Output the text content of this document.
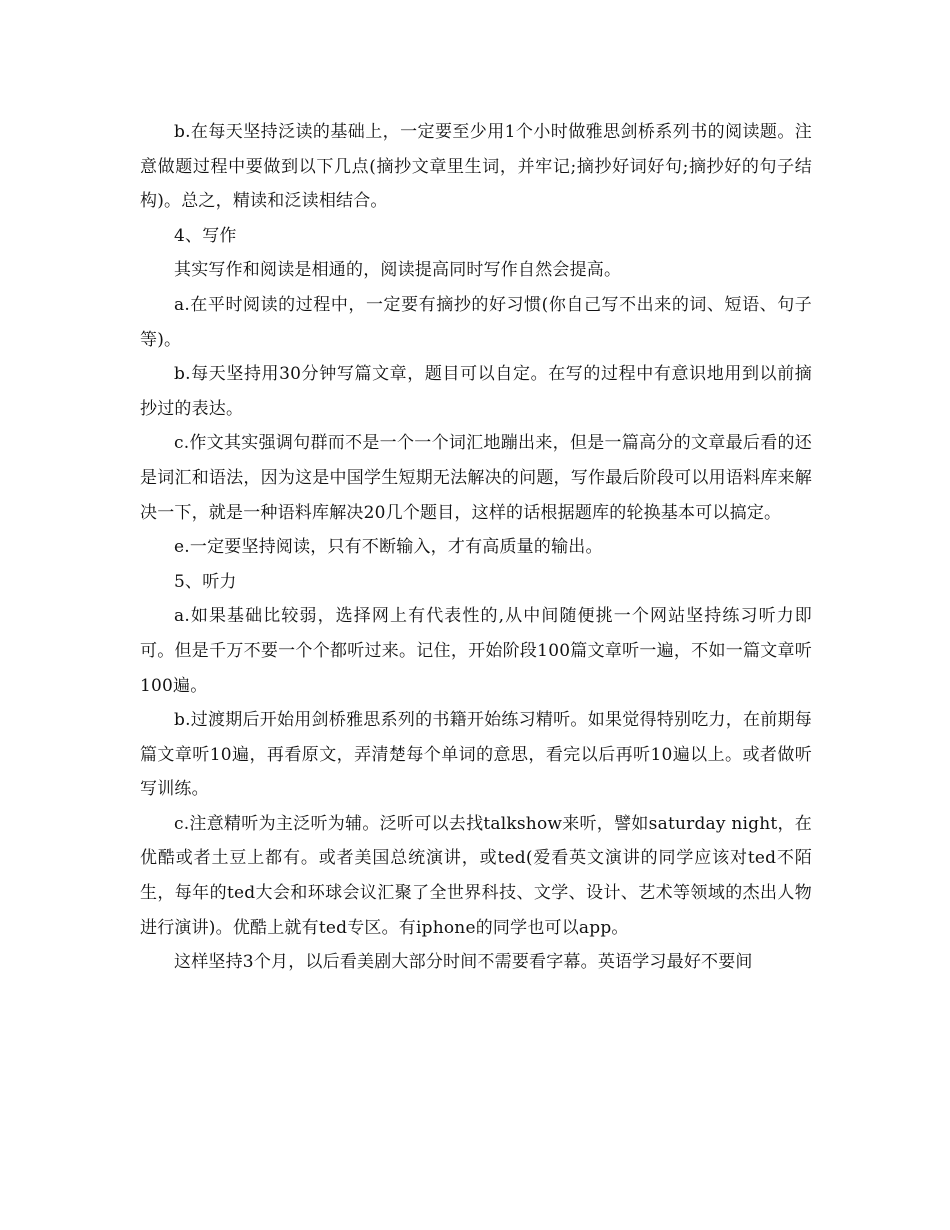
b.在每天坚持泛读的基础上，一定要至少用1个小时做雅思剑桥系列书的阅读题。注意做题过程中要做到以下几点(摘抄文章里生词，并牢记;摘抄好词好句;摘抄好的句子结构)。总之，精读和泛读相结合。

4、写作

其实写作和阅读是相通的，阅读提高同时写作自然会提高。

a.在平时阅读的过程中，一定要有摘抄的好习惯(你自己写不出来的词、短语、句子等)。

b.每天坚持用30分钟写篇文章，题目可以自定。在写的过程中有意识地用到以前摘抄过的表达。

c.作文其实强调句群而不是一个一个词汇地蹦出来，但是一篇高分的文章最后看的还是词汇和语法，因为这是中国学生短期无法解决的问题，写作最后阶段可以用语料库来解决一下，就是一种语料库解决20几个题目，这样的话根据题库的轮换基本可以搞定。

e.一定要坚持阅读，只有不断输入，才有高质量的输出。

5、听力

a.如果基础比较弱，选择网上有代表性的,从中间随便挑一个网站坚持练习听力即可。但是千万不要一个个都听过来。记住，开始阶段100篇文章听一遍，不如一篇文章听100遍。

b.过渡期后开始用剑桥雅思系列的书籍开始练习精听。如果觉得特别吃力，在前期每篇文章听10遍，再看原文，弄清楚每个单词的意思，看完以后再听10遍以上。或者做听写训练。

c.注意精听为主泛听为辅。泛听可以去找talkshow来听，譬如saturday night，在优酷或者土豆上都有。或者美国总统演讲，或ted(爱看英文演讲的同学应该对ted不陌生，每年的ted大会和环球会议汇聚了全世界科技、文学、设计、艺术等领域的杰出人物进行演讲)。优酷上就有ted专区。有iphone的同学也可以app。

这样坚持3个月，以后看美剧大部分时间不需要看字幕。英语学习最好不要间
